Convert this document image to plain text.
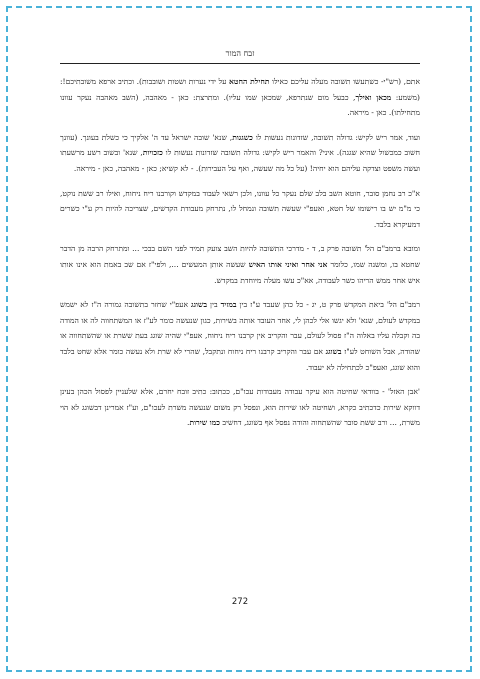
זבח המור

אתם, (רש"י- כשתעשו תשובה מעלה עליכם כאילו תחילת החטא על ידי נערות ושטות ושובבות). וכתיב ארפא משובתיכם!: (משמע: מכאן ואילך, כבעל מום שנתרפא, שמכאן שמו עליו). ומתרצת: כאן - מאהבה, (השב מאהבה נעקר עוונו מתחילתו). כאן - מיראה.

ועוד, אמר ריש לקיש: גדולה תשובה, שזדונות נעשות לו כשגגות, שנא' שובה ישראל עד ה' אלקיך כי כשלת בעונך. (עוונך חשוב כמכשול שהיא שגגה). איני? והאמר ריש לקיש: גדולה תשובה שזדונות נעשות לו כזכויות, שנא' ובשוב רשע מרשעתו ועשה משפט וצדקה עליהם הוא יחיה! (על כל מה שעשה, ואף על העבירות). - לא קשיא; כאן - מאהבה, כאן - מיראה.

א"כ רב נחמן סובר, חוטא השב בלב שלם נעקר כל עוונו, ולכן רשאי לעבוד במקדש וקורבנו ריח ניחוח, ואילו רב ששת נוקט, כי מ"מ יש בו רישומו של חטא, ואעפ"י שעשה תשובה ונמחל לו, נתרחק מעבודת הקדשים, שצריכה להיות רק ע"י כשרים דמעיקרא בלבד.

ומובא ברמב"ם הל' תשובה פרק ב, ד - מדרכי התשובה להיות השב צועק תמיד לפני השם בבכי ... ומתרחק הרבה מן הדבר שחטא בו, ומשנה שמו, כלומר אני אחר ואיני אותו האיש שעשה אותן המעשים ..., ולפי"ז אם שב באמת הוא אינו אותו איש אחר ממש הריהו כשר לעבודה, אא"כ עשו מעלה מיוחדת במקדש.

רמב"ם הל' ביאת המקדש פרק ט, יג - כל כהן שעבד ע"ז בין במזיד בין בשוגג אעפ"י שחזר בתשובה גמורה ה"ז לא ישמש במקדש לעולם, שנא' ולא יגשו אלי לכהן לי, אחד העובד אותה בשירות, כגון שנעשה כומר לע"ז או המשתחווה לה או המודה בה וקבלה עליו באלוה ה"ז פסול לעולם, עבר והקריב אין קרבנו ריח ניחוח, אעפ"י שהיה שוגג בעת ששרת או שהשתחווה או שהודה, אבל השוחט לע"ז בשוגג אם עבר והקריב קרבנו ריח ניחוח ונתקבל, שהרי לא שרת ולא נעשה כומר אלא שחט בלבד והוא שוגג, ואעפ"כ לכתחילה לא יעבוד.

'אבן האזל' - בוודאי שחיטה הוא עיקר עבודה מעבודות עכו"ם, ככתוב: כתיב זובח יחרם, אלא שלעניין לפסול הכהן בעינן דווקא שירות כדכתיב כקרא, ושחיטה לאו שירות הוא, ונפסל רק משום שנעשה משרת לעכו"ם, וע"ז אמרינן דבשוגג לא הוי משרת, ... ורב ששת סובר שהשתחוה והודה נפסל אף בשוגג, דחשיב כמו שירות.

272
